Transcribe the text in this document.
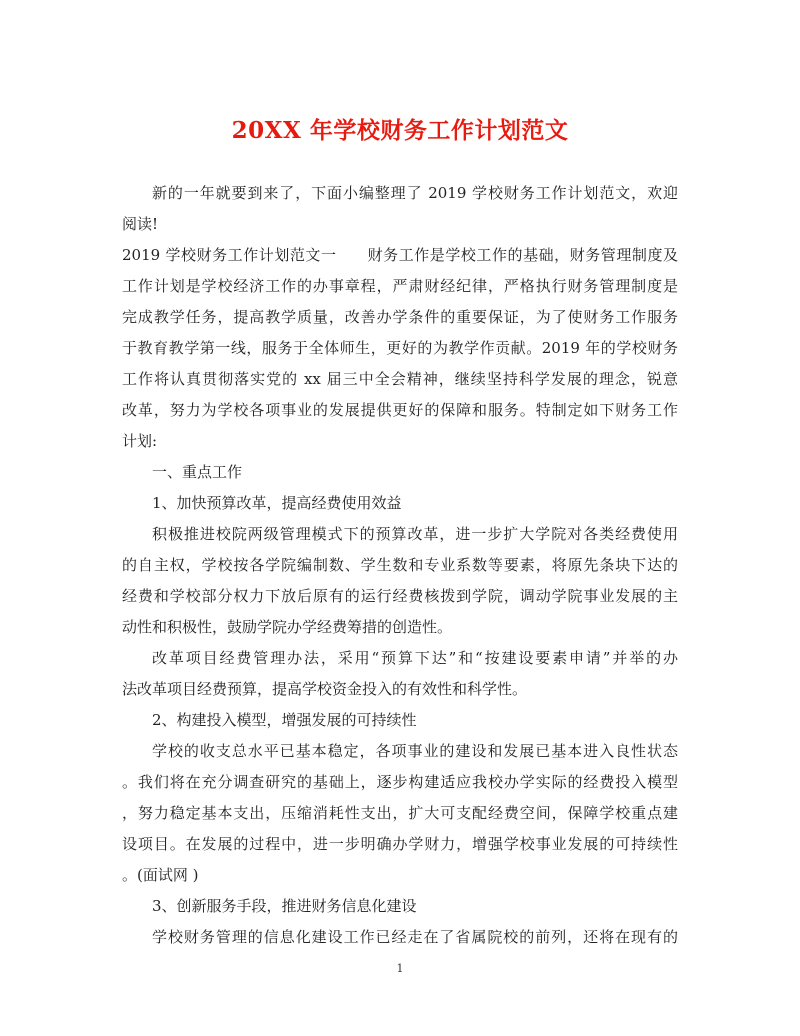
20XX 年学校财务工作计划范文
新的一年就要到来了，下面小编整理了 2019 学校财务工作计划范文，欢迎
阅读!
2019 学校财务工作计划范文一　　财务工作是学校工作的基础，财务管理制度及
工作计划是学校经济工作的办事章程，严肃财经纪律，严格执行财务管理制度是
完成教学任务，提高教学质量，改善办学条件的重要保证，为了使财务工作服务
于教育教学第一线，服务于全体师生，更好的为教学作贡献。2019 年的学校财务
工作将认真贯彻落实党的 xx 届三中全会精神，继续坚持科学发展的理念，锐意
改革，努力为学校各项事业的发展提供更好的保障和服务。特制定如下财务工作
计划:
一、重点工作
1、加快预算改革，提高经费使用效益
积极推进校院两级管理模式下的预算改革，进一步扩大学院对各类经费使用
的自主权，学校按各学院编制数、学生数和专业系数等要素，将原先条块下达的
经费和学校部分权力下放后原有的运行经费核拨到学院，调动学院事业发展的主
动性和积极性，鼓励学院办学经费筹措的创造性。
改革项目经费管理办法，采用“预算下达”和“按建设要素申请”并举的办
法改革项目经费预算，提高学校资金投入的有效性和科学性。
2、构建投入模型，增强发展的可持续性
学校的收支总水平已基本稳定，各项事业的建设和发展已基本进入良性状态
。我们将在充分调查研究的基础上，逐步构建适应我校办学实际的经费投入模型
，努力稳定基本支出，压缩消耗性支出，扩大可支配经费空间，保障学校重点建
设项目。在发展的过程中，进一步明确办学财力，增强学校事业发展的可持续性
。(面试网 )
3、创新服务手段，推进财务信息化建设
学校财务管理的信息化建设工作已经走在了省属院校的前列，还将在现有的
1
